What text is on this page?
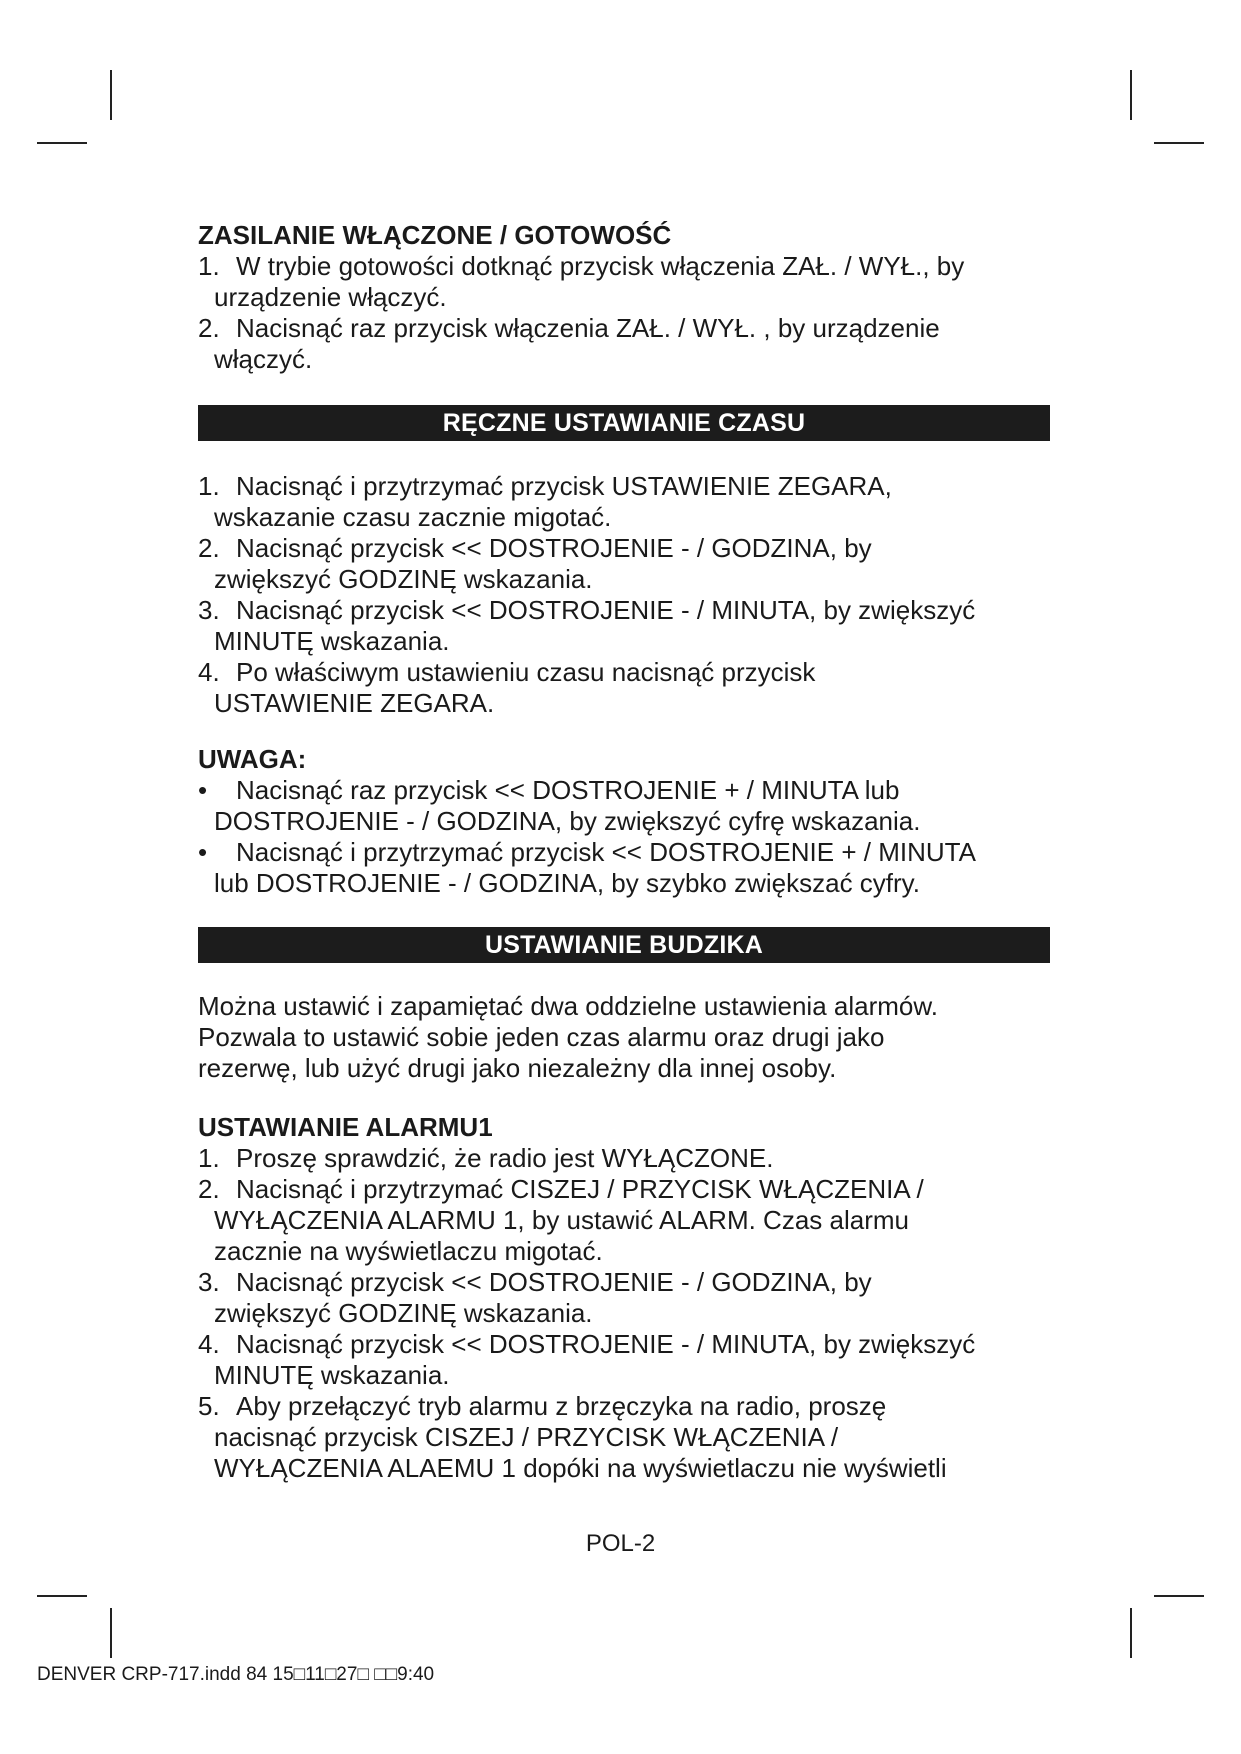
ZASILANIE WŁĄCZONE / GOTOWOŚĆ
1. W trybie gotowości dotknąć przycisk włączenia ZAŁ. / WYŁ., by
urządzenie włączyć.
2. Nacisnąć raz przycisk włączenia ZAŁ. / WYŁ. , by urządzenie
włączyć.
RĘCZNE USTAWIANIE CZASU
1. Nacisnąć i przytrzymać przycisk USTAWIENIE ZEGARA,
wskazanie czasu zacznie migotać.
2. Nacisnąć przycisk << DOSTROJENIE - / GODZINA, by
zwiększyć GODZINĘ wskazania.
3. Nacisnąć przycisk << DOSTROJENIE - / MINUTA, by zwiększyć
MINUTĘ wskazania.
4. Po właściwym ustawieniu czasu nacisnąć przycisk
USTAWIENIE ZEGARA.
UWAGA:
•	Nacisnąć raz przycisk << DOSTROJENIE + / MINUTA lub
DOSTROJENIE - / GODZINA, by zwiększyć cyfrę wskazania.
•	Nacisnąć i przytrzymać przycisk << DOSTROJENIE + / MINUTA
lub DOSTROJENIE - / GODZINA, by szybko zwiększać cyfry.
USTAWIANIE BUDZIKA
Można ustawić i zapamiętać dwa oddzielne ustawienia alarmów.
Pozwala to ustawić sobie jeden czas alarmu oraz drugi jako
rezerwę, lub użyć drugi jako niezależny dla innej osoby.
USTAWIANIE ALARMU1
1. Proszę sprawdzić, że radio jest WYŁĄCZONE.
2. Nacisnąć i przytrzymać CISZEJ / PRZYCISK WŁĄCZENIA /
WYŁĄCZENIA ALARMU 1, by ustawić ALARM. Czas alarmu
zacznie na wyświetlaczu migotać.
3. Nacisnąć przycisk << DOSTROJENIE - / GODZINA, by
zwiększyć GODZINĘ wskazania.
4. Nacisnąć przycisk << DOSTROJENIE - / MINUTA, by zwiększyć
MINUTĘ wskazania.
5. Aby przełączyć tryb alarmu z brzęczyka na radio, proszę
nacisnąć przycisk CISZEJ / PRZYCISK WŁĄCZENIA /
WYŁĄCZENIA ALAEMU 1 dopóki na wyświetlaczu nie wyświetli
POL-2
DENVER CRP-717.indd 84 15□11□27□ □□9:40
